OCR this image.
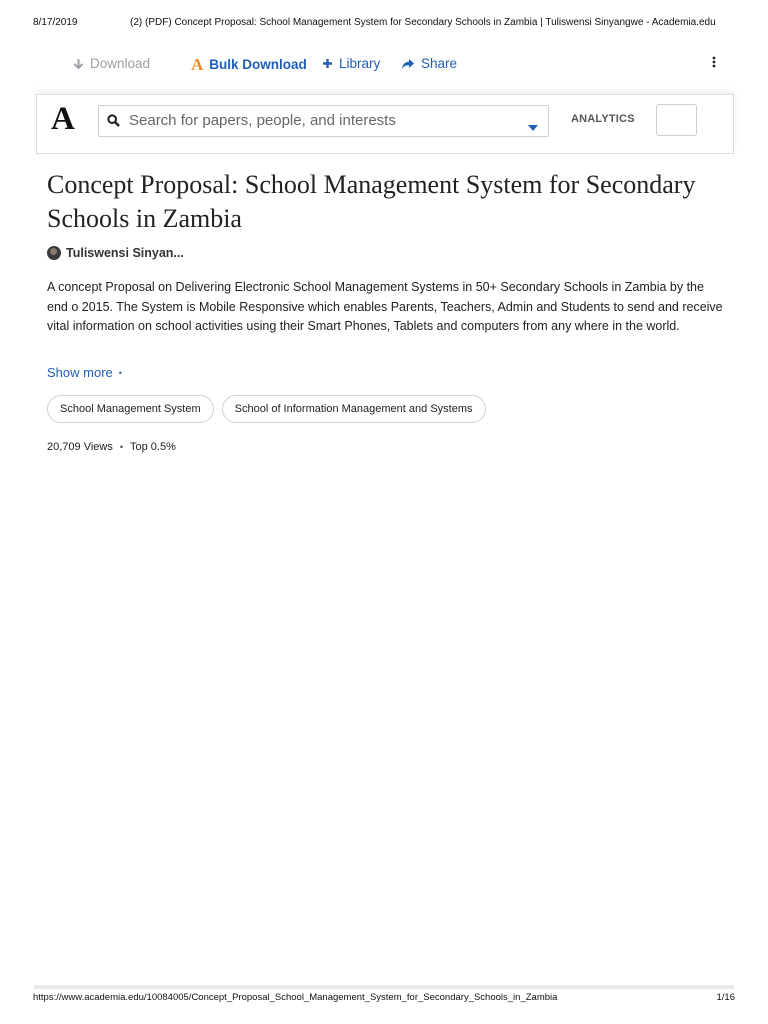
8/17/2019	(2) (PDF) Concept Proposal: School Management System for Secondary Schools in Zambia | Tuliswensi Sinyangwe - Academia.edu
Download A Bulk Download Library	Share
A
Search for papers, people, and interests	ANALYTICS
Concept Proposal: School Management System for Secondary Schools in Zambia
Tuliswensi Sinyan...

A concept Proposal on Delivering Electronic School Management Systems in 50+ Secondary Schools in Zambia by the end o 2015. The System is Mobile Responsive which enables Parents, Teachers, Admin and Students to send and receive vital information on school activities using their Smart Phones, Tablets and computers from any where in the world.

Show more •
School Management System	School of Information Management and Systems
20,709 Views • Top 0.5%
https://www.academia.edu/10084005/Concept_Proposal_School_Management_System_for_Secondary_Schools_in_Zambia	1/16
